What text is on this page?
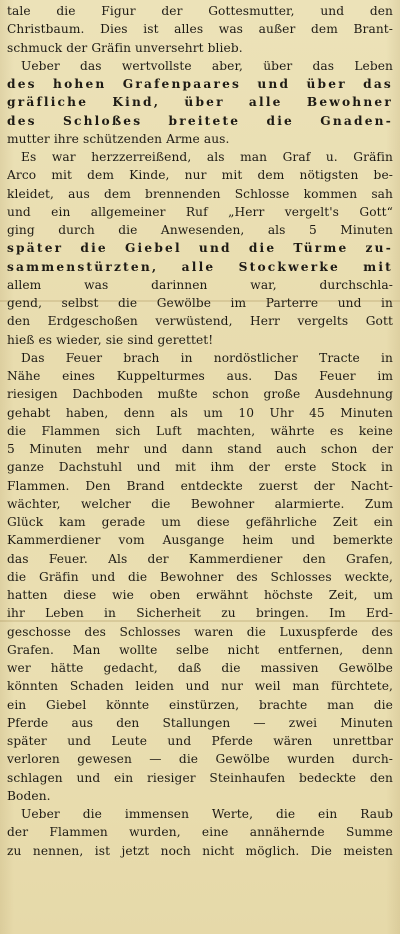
tale die Figur der Gottesmutter, und den
Christbaum. Dies ist alles was außer dem Brant-
schmuck der Gräfin unversehrt blieb.
Ueber das wertvollste aber, über das Leben
des hohen Grafenpaares und über das
gräfliche Kind, über alle Bewohner
des Schloßes breitete die Gnaden-
mutter ihre schützenden Arme aus.
Es war herzzerreißend, als man Graf u. Gräfin
Arco mit dem Kinde, nur mit dem nötigsten be-
kleidet, aus dem brennenden Schlosse kommen sah
und ein allgemeiner Ruf „Herr vergelt's Gott“
ging durch die Anwesenden, als 5 Minuten
später die Giebel und die Türme zu-
sammenstürzten, alle Stockwerke mit
allem was darinnen war, durchschla-
gend, selbst die Gewölbe im Parterre und in
den Erdgeschoßen verwüstend, Herr vergelts Gott
hieß es wieder, sie sind gerettet!
Das Feuer brach in nordöstlicher Tracte in
Nähe eines Kuppelturmes aus. Das Feuer im
riesigen Dachboden mußte schon große Ausdehnung
gehabt haben, denn als um 10 Uhr 45 Minuten
die Flammen sich Luft machten, währte es keine
5 Minuten mehr und dann stand auch schon der
ganze Dachstuhl und mit ihm der erste Stock in
Flammen. Den Brand entdeckte zuerst der Nacht-
wächter, welcher die Bewohner alarmierte. Zum
Glück kam gerade um diese gefährliche Zeit ein
Kammerdiener vom Ausgange heim und bemerkte
das Feuer. Als der Kammerdiener den Grafen,
die Gräfin und die Bewohner des Schlosses weckte,
hatten diese wie oben erwähnt höchste Zeit, um
ihr Leben in Sicherheit zu bringen. Im Erd-
geschosse des Schlosses waren die Luxuspferde des
Grafen. Man wollte selbe nicht entfernen, denn
wer hätte gedacht, daß die massiven Gewölbe
könnten Schaden leiden und nur weil man fürchtete,
ein Giebel könnte einstürzen, brachte man die
Pferde aus den Stallungen — zwei Minuten
später und Leute und Pferde wären unrettbar
verloren gewesen — die Gewölbe wurden durch-
schlagen und ein riesiger Steinhaufen bedeckte den
Boden.
Ueber die immensen Werte, die ein Raub
der Flammen wurden, eine annähernde Summe
zu nennen, ist jetzt noch nicht möglich. Die meisten
